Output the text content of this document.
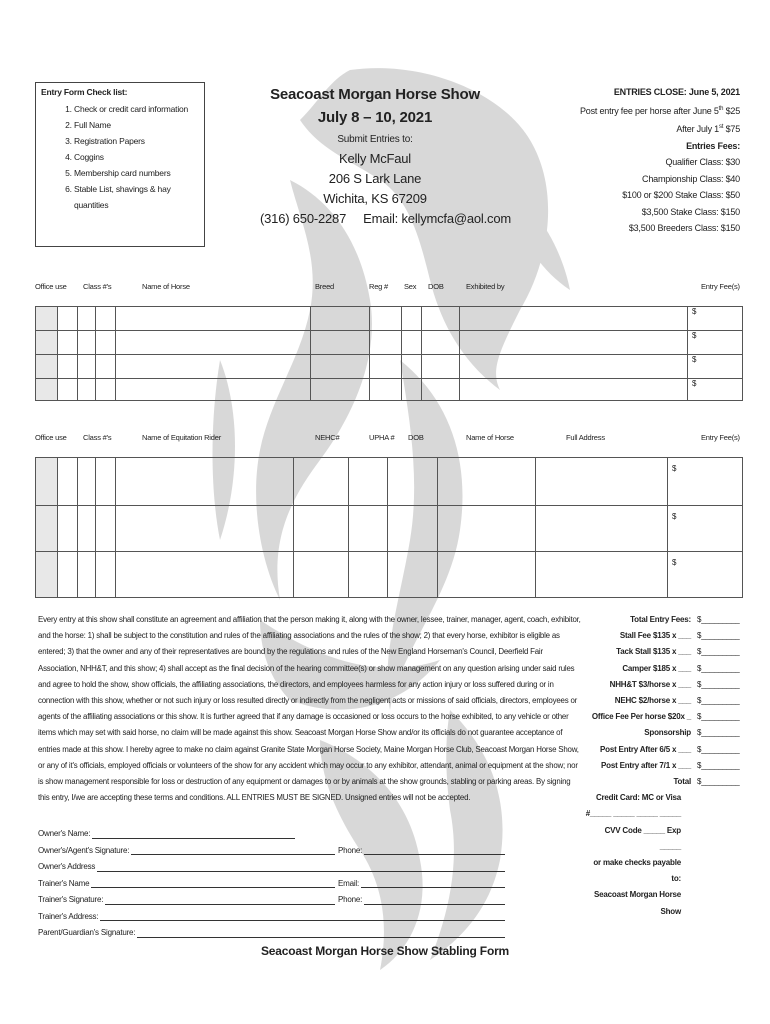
Entry Form Check list:
1. Check or credit card information
2. Full Name
3. Registration Papers
4. Coggins
5. Membership card numbers
6. Stable List, shavings & hay quantities
Seacoast Morgan Horse Show
July 8 – 10, 2021
Submit Entries to:
Kelly McFaul
206 S Lark Lane
Wichita, KS 67209
(316) 650-2287     Email: kellymcfa@aol.com
ENTRIES CLOSE: June 5, 2021
Post entry fee per horse after June 5th $25
After July 1st $75
Entries Fees:
Qualifier Class: $30
Championship Class: $40
$100 or $200 Stake Class: $50
$3,500 Stake Class: $150
$3,500 Breeders Class: $150
Office use Class #'s	Name of Horse	Breed	Reg # Sex DOB	Exhibited by	Entry Fee(s)
										$
										$
										$
										$
Office use Class #'s	Name of Equitation Rider	NEHC#	UPHA # DOB	Name of Horse	Full Address	Entry Fee(s)
										$
										$
										$
Every entry at this show shall constitute an agreement and affiliation that the person making it, along with the owner, lessee, trainer, manager, agent, coach, exhibitor, and the horse: 1) shall be subject to the constitution and rules of the affiliating associations and the rules of the show; 2) that every horse, exhibitor is eligible as entered; 3) that the owner and any of their representatives are bound by the regulations and rules of the New England Horseman's Council, Deerfield Fair Association, NHH&T, and this show; 4) shall accept as the final decision of the hearing committee(s) or show management on any question arising under said rules and agree to hold the show, show officials, the affiliating associations, the directors, and employees harmless for any action injury or loss suffered during or in connection with this show, whether or not such injury or loss resulted directly or indirectly from the negligent acts or missions of said officials, directors, employees or agents of the affiliating associations or this show. It is further agreed that if any damage is occasioned or loss occurs to the horse exhibited, to any vehicle or other items which may set with said horse, no claim will be made against this show. Seacoast Morgan Horse Show and/or its officials do not guarantee acceptance of entries made at this show. I hereby agree to make no claim against Granite State Morgan Horse Society, Maine Morgan Horse Club, Seacoast Morgan Horse Show, or any of it's officials, employed officials or volunteers of the show for any accident which may occur to any exhibitor, attendant, animal or equipment at the show; nor is show management responsible for loss or destruction of any equipment or damages to or by animals at the show grounds, stabling or parking areas. By signing this entry, I/we are accepting these terms and conditions. ALL ENTRIES MUST BE SIGNED. Unsigned entries will not be accepted.
Total Entry Fees: $_________
Stall Fee $135 x ___ $_________
Tack Stall $135 x ___ $_________
Camper $185 x ___ $_________
NHH&T $3/horse x ___ $_________
NEHC $2/horse x ___ $_________
Office Fee Per horse $20x _ $_________
Sponsorship $_________
Post Entry After 6/5 x ___ $_________
Post Entry after 7/1 x ___ $_________
Total $_________
Credit Card: MC or Visa
#_____ _____ _____ _____
CVV Code _____ Exp _____
or make checks payable to:
Seacoast Morgan Horse
Show
Owner's Name:
Owner's/Agent's Signature:	Phone:
Owner's Address
Trainer's Name	Email:
Trainer's Signature:	Phone:
Trainer's Address:
Parent/Guardian's Signature:
Seacoast Morgan Horse Show Stabling Form
